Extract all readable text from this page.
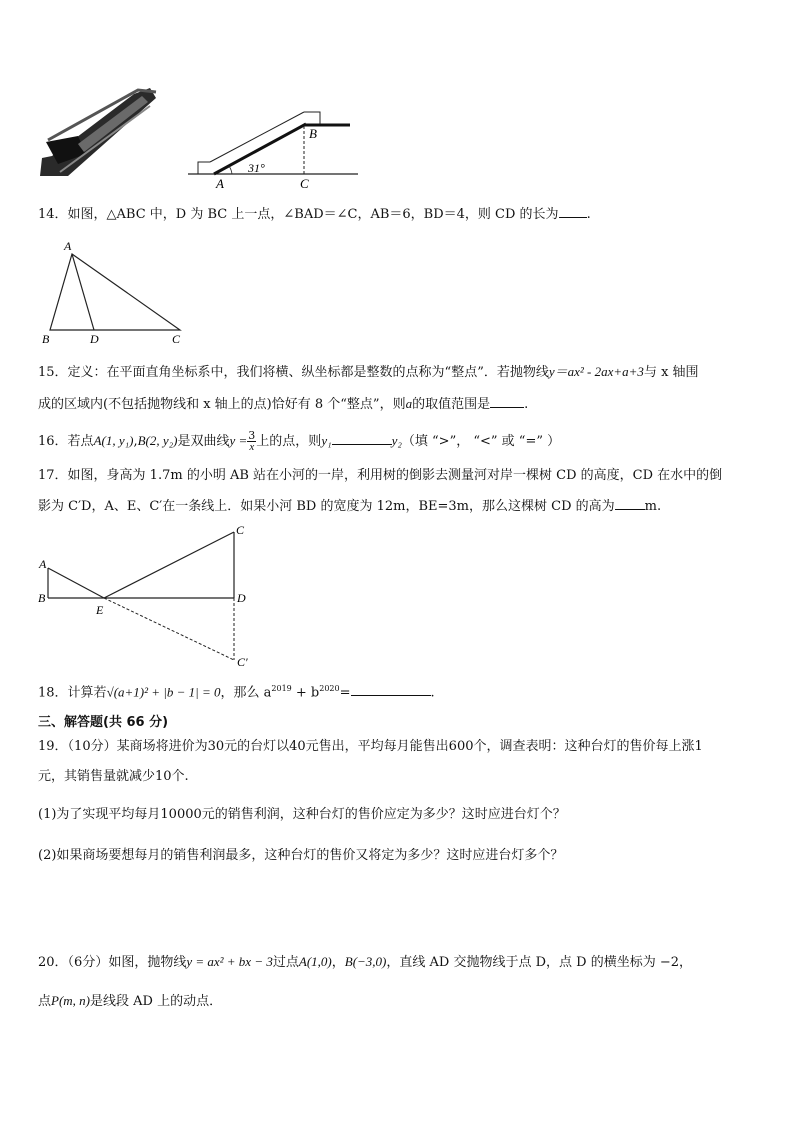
31°
A
B
C
14．如图，△ABC 中，D 为 BC 上一点，∠BAD＝∠C，AB＝6，BD＝4，则 CD 的长为 .
A
B	D	C
15．定义：在平面直角坐标系中，我们将横、纵坐标都是整数的点称为“整点”．若抛物线y＝ax² - 2ax+a+3与 x 轴围
成的区域内(不包括抛物线和 x 轴上的点)恰好有 8 个“整点”，则a的取值范围是	.
16．若点A(1, y₁),B(2, y₂)是双曲线$y = \frac{3}{x}$ 上的点，则y₁	y₂（填 “>”， “<” 或 “=” ）
17．如图，身高为 1.7m 的小明 AB 站在小河的一岸，利用树的倒影去测量河对岸一棵树 CD 的高度，CD 在水中的倒
影为 C′D，A、E、C′在一条线上．如果小河 BD 的宽度为 12m，BE=3m，那么这棵树 CD 的高为 m.
A
B
E
C
D
C′
18．计算若√(a+1)² + |b − 1| = 0，那么 $a^{2019} + b^{2020}=$	.
三、解答题(共 66 分)
19．（10分）某商场将进价为30元的台灯以40元售出，平均每月能售出600个，调查表明：这种台灯的售价每上涨1
元，其销售量就减少10个.
(1)为了实现平均每月10000元的销售利润，这种台灯的售价应定为多少？这时应进台灯个？
(2)如果商场要想每月的销售利润最多，这种台灯的售价又将定为多少？这时应进台灯多个？
20．（6分）如图，抛物线y = ax² + bx − 3过点A(1,0)，B(−3,0)，直线 AD 交抛物线于点 D，点 D 的横坐标为 −2，
点P(m, n)是线段 AD 上的动点．
